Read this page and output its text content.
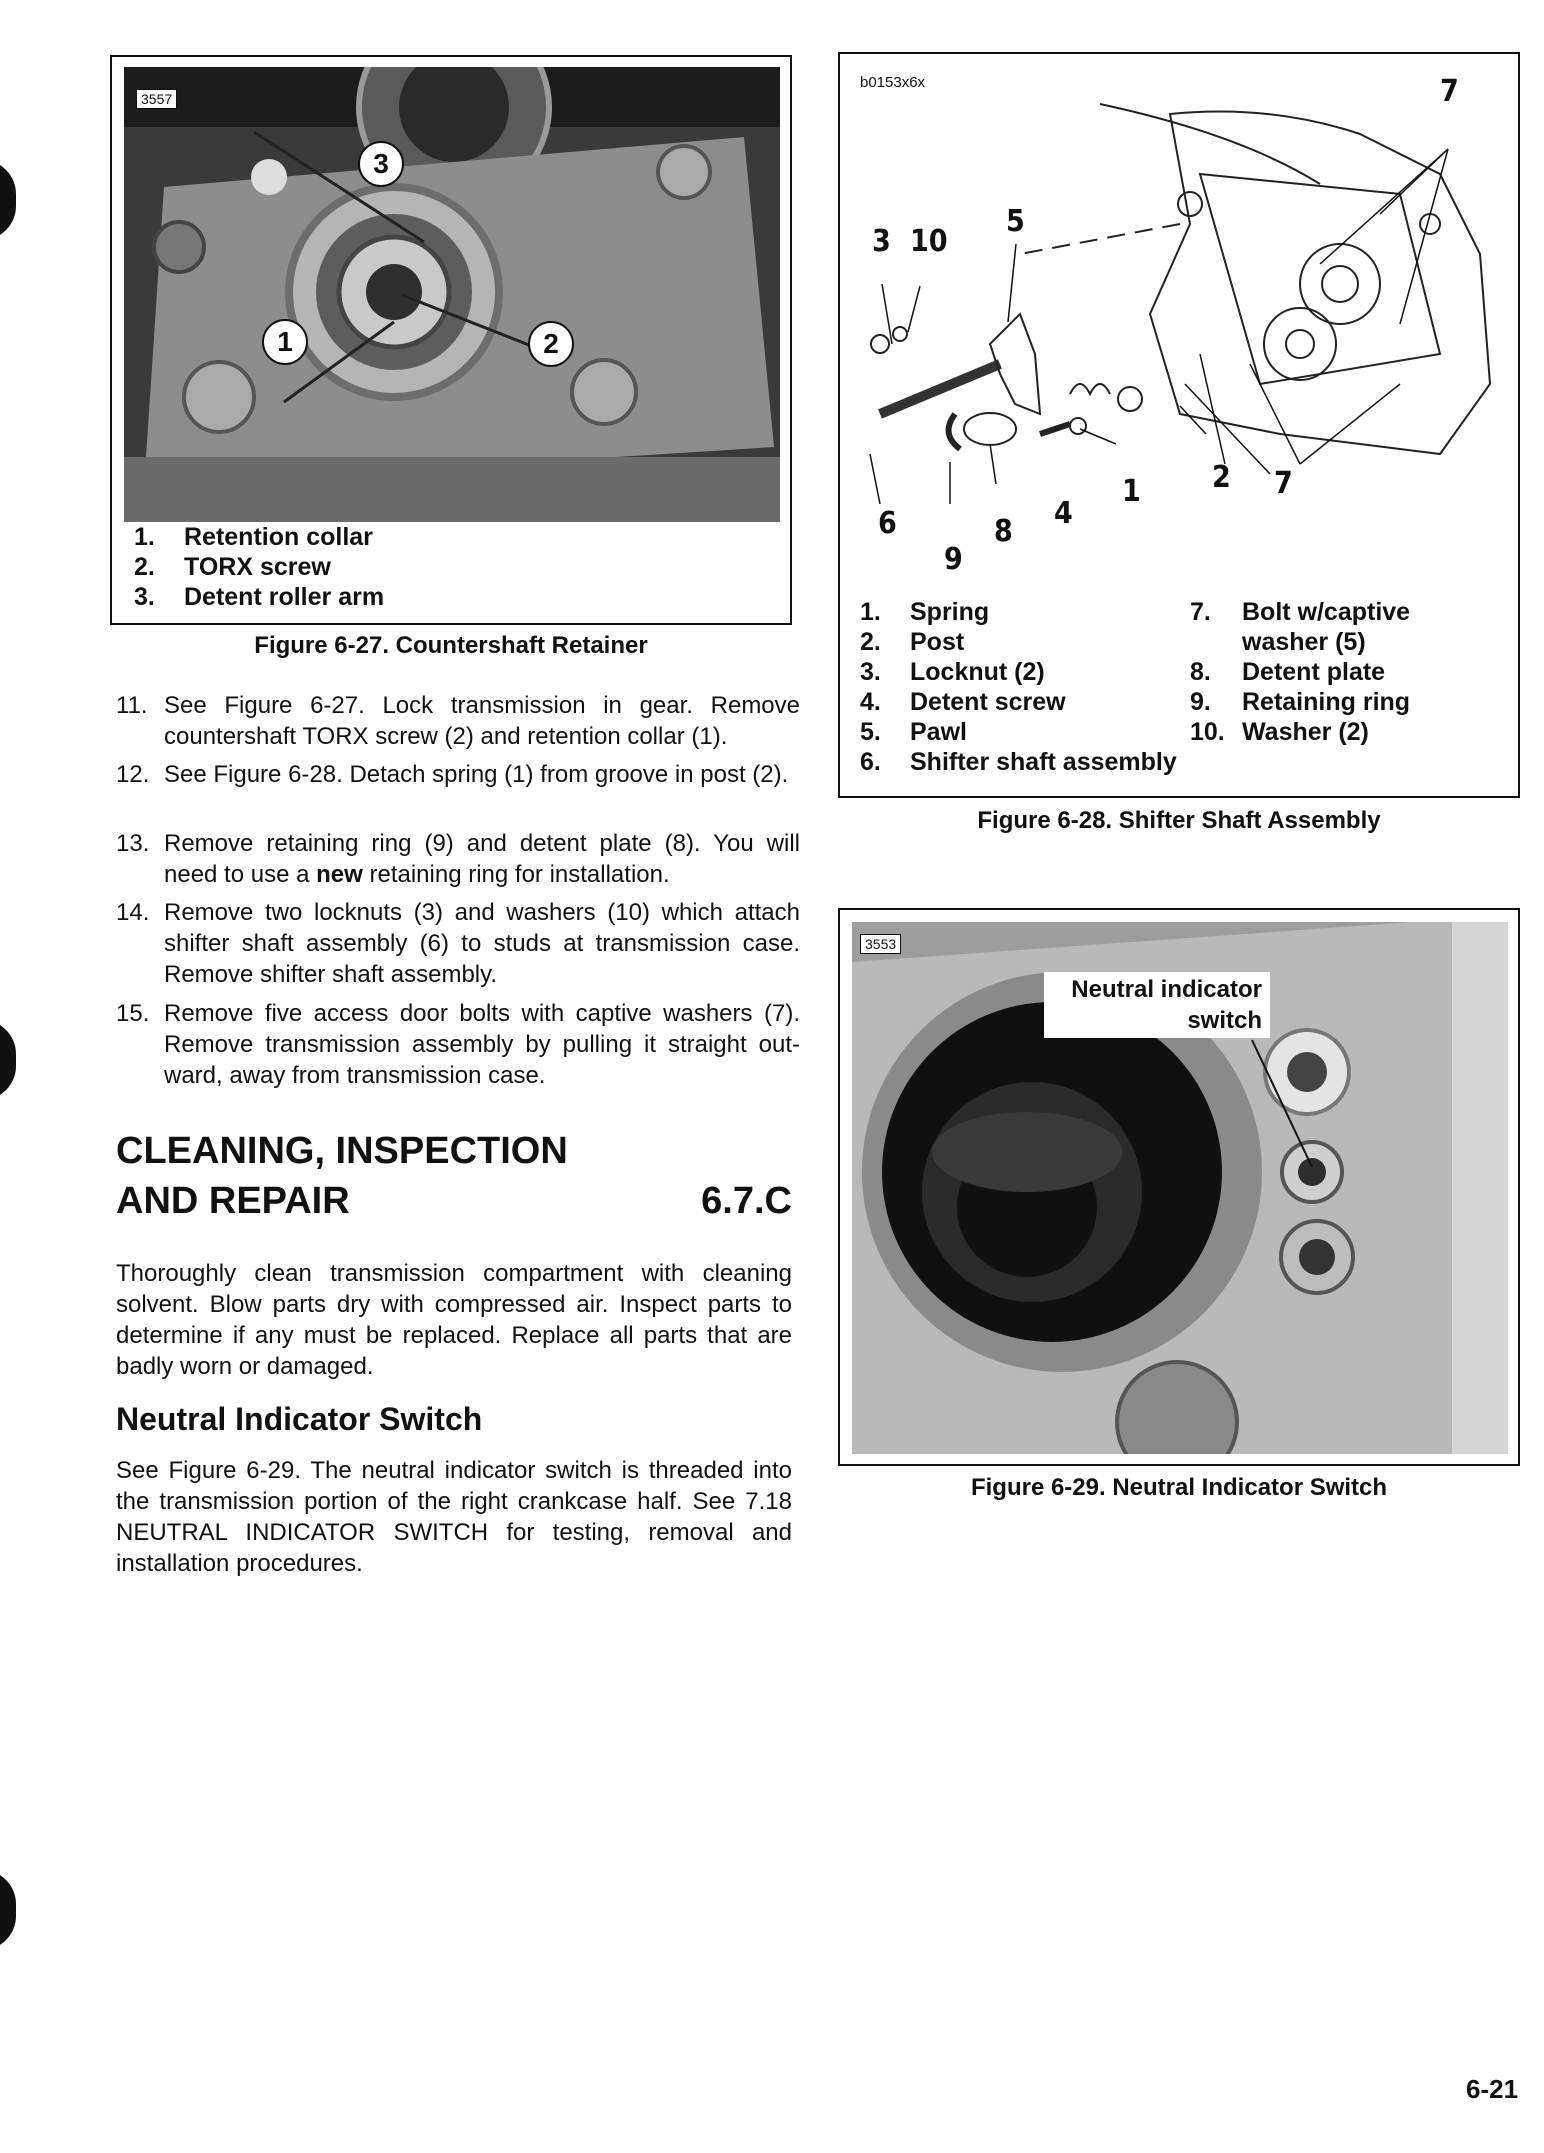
3557
3
1	2
1.	Retention collar
2.	TORX screw
3.	Detent roller arm
Figure 6-27. Countershaft Retainer
11. See Figure 6-27. Lock transmission in gear. Remove countershaft TORX screw (2) and retention collar (1).
12. See Figure 6-28. Detach spring (1) from groove in post (2).
13. Remove retaining ring (9) and detent plate (8). You will need to use a new retaining ring for installation.
14. Remove two locknuts (3) and washers (10) which attach shifter shaft assembly (6) to studs at transmission case. Remove shifter shaft assembly.
15. Remove five access door bolts with captive washers (7). Remove transmission assembly by pulling it straight out-ward, away from transmission case.
CLEANING, INSPECTION
AND REPAIR	6.7.C
Thoroughly clean transmission compartment with cleaning solvent. Blow parts dry with compressed air. Inspect parts to determine if any must be replaced. Replace all parts that are badly worn or damaged.
Neutral Indicator Switch
See Figure 6-29. The neutral indicator switch is threaded into the transmission portion of the right crankcase half. See 7.18 NEUTRAL INDICATOR SWITCH for testing, removal and installation procedures.
b0153x6x
3 10
5
7
1 2 7
4
6	8
9
1.	Spring
2.	Post
3.	Locknut (2)
4.	Detent screw
5.	Pawl
6.	Shifter shaft assembly
7.	Bolt w/captive washer (5)
8.	Detent plate
9.	Retaining ring
10. Washer (2)
Figure 6-28. Shifter Shaft Assembly
3553
Neutral indicator switch
Figure 6-29. Neutral Indicator Switch
6-21
